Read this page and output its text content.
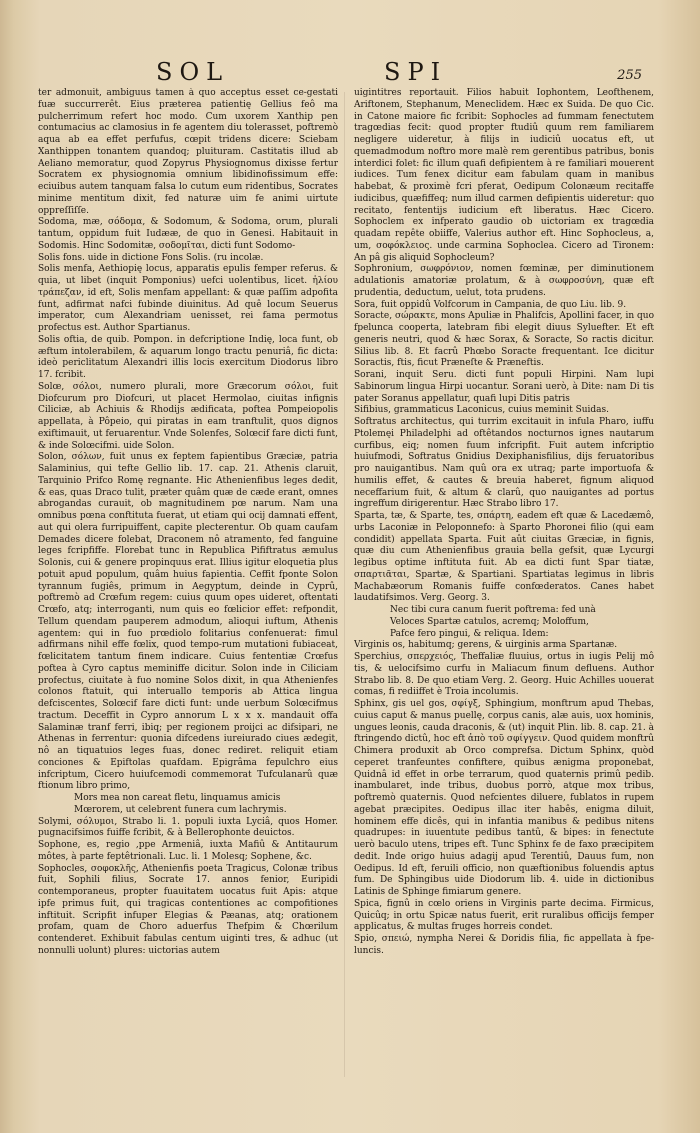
SOL	SPI	255

ter admonuit, ambiguus tamen à quo acceptus esset ce-gestati fuæ succurrerêt. Eius præterea patientię Gellius feô ma pulcherrimum refert hoc modo. Cum uxorem Xanthip pen contumacius ac clamosius in fe agentem diu tolerasset, poftremò aqua ab ea effet perfufus, cœpit tridens dicere: Sciebam Xanthippen tonantem quandoq; pluituram. Castitatis illud ab Aeliano memoratur, quod Zopyrus Physiognomus dixisse fertur Socratem ex physiognomia omnium libidinofissimum effe: eciuibus autem tanquam falsa lo cutum eum ridentibus, Socrates minime mentitum dixit, fed naturæ uim fe animi uirtute oppreſſiſſe.

Sodoma, mæ, σόδομα, & Sodomum, & Sodoma, orum, plurali tantum, oppidum fuit Iudææ, de quo in Genesi. Habitauit in Sodomis. Hinc Sodomitæ, σοδομῖται, dicti funt Sodomo-

Solis fons. uide in dictione Fons Solis. (ru incolæ.

Solis menfa, Aethiopię locus, apparatis epulis femper referus. & quia, ut libet (inquit Pomponius) uefci uolentibus, licet. ἡλίου τράπεζαν, id eft, Solis menfam appellant: & quæ paſſim adpofita funt, adfirmat nafci fubinde diuinitus. Ad quê locum Seuerus imperator, cum Alexandriam uenisset, rei fama permotus profectus est. Author Spartianus.

Solis oftia, de quib. Pompon. in defcriptione Indię, loca funt, ob æftum intolerabilem, & aquarum longo tractu penuriâ, fic dicta: ideò periclitatum Alexandri illis locis exercitum Diodorus libro 17. fcribit.

Solœ, σόλοι, numero plurali, more Græcorum σόλοι, fuit Diofcurum pro Diofcuri, ut placet Hermolao, ciuitas infignis Ciliciæ, ab Achiuis & Rhodijs ædificata, poftea Pompeiopolis appellata, à Pôpeio, qui piratas in eam tranftulit, quos dignos exiftimauit, ut feruarentur. Vnde Solenfes, Solœcif fare dicti funt, & inde Solœcifmi. uide Solon.

Solon, σόλων, fuit unus ex feptem fapientibus Græciæ, patria Salaminius, qui tefte Gellio lib. 17. cap. 21. Athenis claruit, Tarquinio Prifco Romę regnante. Hic Athenienfibus leges dedit, & eas, quas Draco tulit, præter quâm quæ de cæde erant, omnes abrogandas curauit, ob magnitudinem pœ narum. Nam una omnibus pœna conftituta fuerat, ut etiam qui ocij damnati effent, aut qui olera furripuiffent, capite plecterentur. Ob quam caufam Demades dicere folebat, Draconem nô atramento, fed fanguine leges fcripfiffe. Florebat tunc in Republica Pififtratus æmulus Solonis, cui & genere propinquus erat. Illius igitur eloquetia plus potuit apud populum, quâm huius fapientia. Ceffit fponte Solon tyrannum fugiês, primum in Aegyptum, deinde in Cyprû, poftremò ad Crœfum regem: cuius quum opes uideret, oftentati Crœfo, atq; interroganti, num quis eo fœlicior effet: refpondit, Tellum quendam pauperem admodum, alioqui iuftum, Athenis agentem: qui in fuo prœdiolo folitarius confenuerat: fimul adfirmans nihil effe fœlix, quod tempo-rum mutationi fubiaceat, fœlicitatem tantum finem indicare. Cuius fententiæ Crœfus poftea à Cyro captus meminiffe dicitur. Solon inde in Ciliciam profectus, ciuitate à fuo nomine Solos dixit, in qua Athenienfes colonos ftatuit, qui interuallo temporis ab Attica lingua defciscentes, Solœcif fare dicti funt: unde uerbum Solœcifmus tractum. Deceffit in Cypro annorum L x x x. mandauit offa Salaminæ tranf ferri, ibiq; per regionem proijci ac difsipari, ne Athenas in ferrentur: quonia difcedens iureiurado ciues ædegit, nô an tiquatuios leges fuas, donec rediret. reliquit etiam conciones & Epiftolas quafdam. Epigrâma fepulchro eius infcriptum, Cicero huiufcemodi commemorat Tufculanarû quæ ftionum libro primo,

Mors mea non careat fletu, linquamus amicis

Mœrorem, ut celebrent funera cum lachrymis.

Solymi, σόλυμοι, Strabo li. 1. populi iuxta Lyciâ, quos Homer. pugnacifsimos fuiffe fcribit, & à Bellerophonte deuictos.

Sophone, es, regio ,ppe Armeniâ, iuxta Mafiû & Antitaurum môtes, à parte feptêtrionali. Luc. li. 1 Molesq; Sophene, &c.

Sophocles, σοφοκλῆς, Athenienfis poeta Tragicus, Colonæ tribus fuit, Sophili filius, Socrate 17. annos fenior, Euripidi contemporaneus, propter fuauitatem uocatus fuit Apis: atque ipfe primus fuit, qui tragicas contentiones ac compofitiones inftituit. Scripfit infuper Elegias & Pæanas, atq; orationem profam, quam de Choro aduerfus Thefpim & Chœrilum contenderet. Exhibuit fabulas centum uiginti tres, & adhuc (ut nonnulli uolunt) plures: uictorias autem

uigintitres reportauit. Filios habuit Iophontem, Leofthenem, Ariftonem, Stephanum, Meneclidem. Hæc ex Suida. De quo Cic. in Catone maiore fic fcribit: Sophocles ad fummam fenectutem tragœdias fecit: quod propter ftudiû quum rem familiarem negligere uideretur, à filijs in iudiciû uocatus eft, ut quemadmodum noftro more malè rem gerentibus patribus, bonis interdici folet: fic illum quafi defipientem à re familiari mouerent iudices. Tum fenex dicitur eam fabulam quam in manibus habebat, & proximè fcri pferat, Oedipum Colonæum recitaffe iudicibus, quæfiffeq; num illud carmen defipientis uideretur: quo recitato, fententijs iudicium eft liberatus. Hæc Cicero. Sophoclem ex infperato gaudio ob uictoriam ex tragœdia quadam repête obiiffe, Valerius author eft. Hinc Sophocleus, a, um, σοφόκλειος. unde carmina Sophoclea. Cicero ad Tironem: An pâ gis aliquid Sophocleum?

Sophronium, σωφρόνιον, nomen fœminæ, per diminutionem adulationis amatoriæ prolatum, & à σωφροσύνη, quæ eft prudentia, deductum, uelut, tota prudens.

Sora, fuit oppidû Volfcorum in Campania, de quo Liu. lib. 9.

Soracte, σώρακτε, mons Apuliæ in Phalifcis, Apollini facer, in quo fpelunca cooperta, latebram fibi elegit diuus Syluefter. Et eft generis neutri, quod & hæc Sorax, & Soracte, So ractis dicitur. Silius lib. 8. Et facrû Phœbo Soracte frequentant. Ice dicitur Soractis, ftis, ficut Præneſte & Præneftis.

Sorani, inquit Seru. dicti funt populi Hirpini. Nam lupi Sabinorum lingua Hirpi uocantur. Sorani uerò, à Dite: nam Di tis pater Soranus appellatur, quafi lupi Ditis patris

Sifibius, grammaticus Laconicus, cuius meminit Suidas.

Softratus architectus, qui turrim excitauit in infula Pharo, iuffu Ptolemęi Philadelphi ad oftêtandos nocturnos ignes nautarum curfibus, eiq; nomen fuum infcripfit. Fuit autem infcriptio huiufmodi, Softratus Gnidius Dexiphanisfilius, dijs feruatoribus pro nauigantibus. Nam quû ora ex utraq; parte importuofa & humilis effet, & cautes & breuia haberet, fignum aliquod neceffarium fuit, & altum & clarû, quo nauigantes ad portus ingreffum dirigerentur. Hæc Strabo libro 17.

Sparta, tæ, & Sparte, tes, σπάρτη, eadem eft quæ & Lacedæmô, urbs Laconiæ in Peloponnefo: à Sparto Phoronei filio (qui eam condidit) appellata Sparta. Fuit aût ciuitas Græciæ, in fignis, quæ diu cum Athenienfibus grauia bella gefsit, quæ Lycurgi legibus optime inftituta fuit. Ab ea dicti funt Spar tiatæ, σπαρτιᾶται, Spartæ, & Spartiani. Spartiatas legimus in libris Machabæorum Romanis fuiffe confœderatos. Canes habet laudatifsimos. Verg. Georg. 3.

Nec tibi cura canum fuerit poftrema: fed unà

Veloces Spartæ catulos, acremq; Moloffum,

Pafce fero pingui, & reliqua. Idem:

Virginis os, habitumq; gerens, & uirginis arma Spartanæ.

Sperchius, σπερχειός, Theffaliæ fluuius, ortus in iugis Pelij mô tis, & uelocifsimo curfu in Maliacum finum defluens. Author Strabo lib. 8. De quo etiam Verg. 2. Georg. Huic Achilles uouerat comas, fi rediiffet è Troia incolumis.

Sphinx, gis uel gos, σφίγξ, Sphingium, monftrum apud Thebas, cuius caput & manus puellę, corpus canis, alæ auis, uox hominis, ungues leonis, cauda draconis, & (ut) inquit Plin. lib. 8. cap. 21. à ftringendo dictû, hoc eft ἀπὸ τοῦ σφίγγειν. Quod quidem monftrû Chimera produxit ab Orco comprefsa. Dictum Sphinx, quòd ceperet tranfeuntes confiftere, quibus ænigma proponebat, Quidnâ id effet in orbe terrarum, quod quaternis primû pedib. inambularet, inde tribus, duobus porrò, atque mox tribus, poftremò quaternis. Quod nefcientes diluere, fublatos in rupem agebat præcipites. Oedipus illac iter habês, enigma diluit, hominem effe dicês, qui in infantia manibus & pedibus nitens quadrupes: in iuuentute pedibus tantû, & bipes: in fenectute uerò baculo utens, tripes eft. Tunc Sphinx fe de faxo præcipitem dedit. Inde origo huius adagij apud Terentiû, Dauus fum, non Oedipus. Id eft, feruili officio, non quæftionibus foluendis aptus fum. De Sphingibus uide Diodorum lib. 4. uide in dictionibus Latinis de Sphinge fimiarum genere.

Spica, fignû in cœlo oriens in Virginis parte decima. Firmicus, Quicûq; in ortu Spicæ natus fuerit, erit ruralibus officijs femper applicatus, & multas fruges horreis condet.

Spio, σπειώ, nympha Nerei & Doridis filia, fic appellata à fpe- luncis.
